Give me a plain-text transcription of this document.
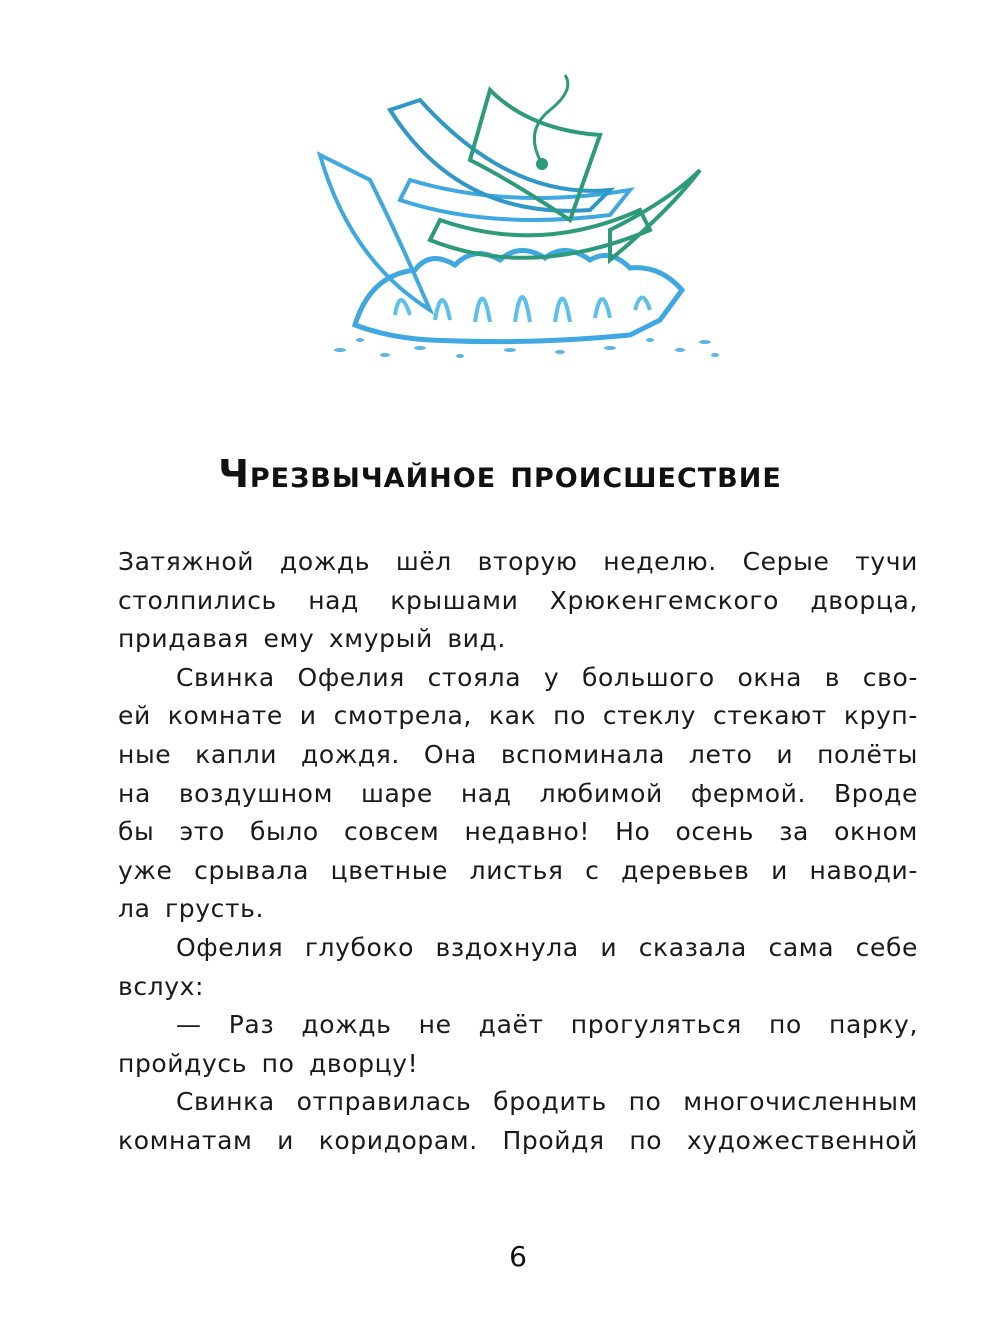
Чрезвычайное происшествие
Затяжной дождь шёл вторую неделю. Серые тучи
столпились над крышами Хрюкенгемского дворца,
придавая ему хмурый вид.
Свинка Офелия стояла у большого окна в сво-
ей комнате и смотрела, как по стеклу стекают круп-
ные капли дождя. Она вспоминала лето и полёты
на воздушном шаре над любимой фермой. Вроде
бы это было совсем недавно! Но осень за окном
уже срывала цветные листья с деревьев и наводи-
ла грусть.
Офелия глубоко вздохнула и сказала сама себе
вслух:
— Раз дождь не даёт прогуляться по парку,
пройдусь по дворцу!
Свинка отправилась бродить по многочисленным
комнатам и коридорам. Пройдя по художественной
6
